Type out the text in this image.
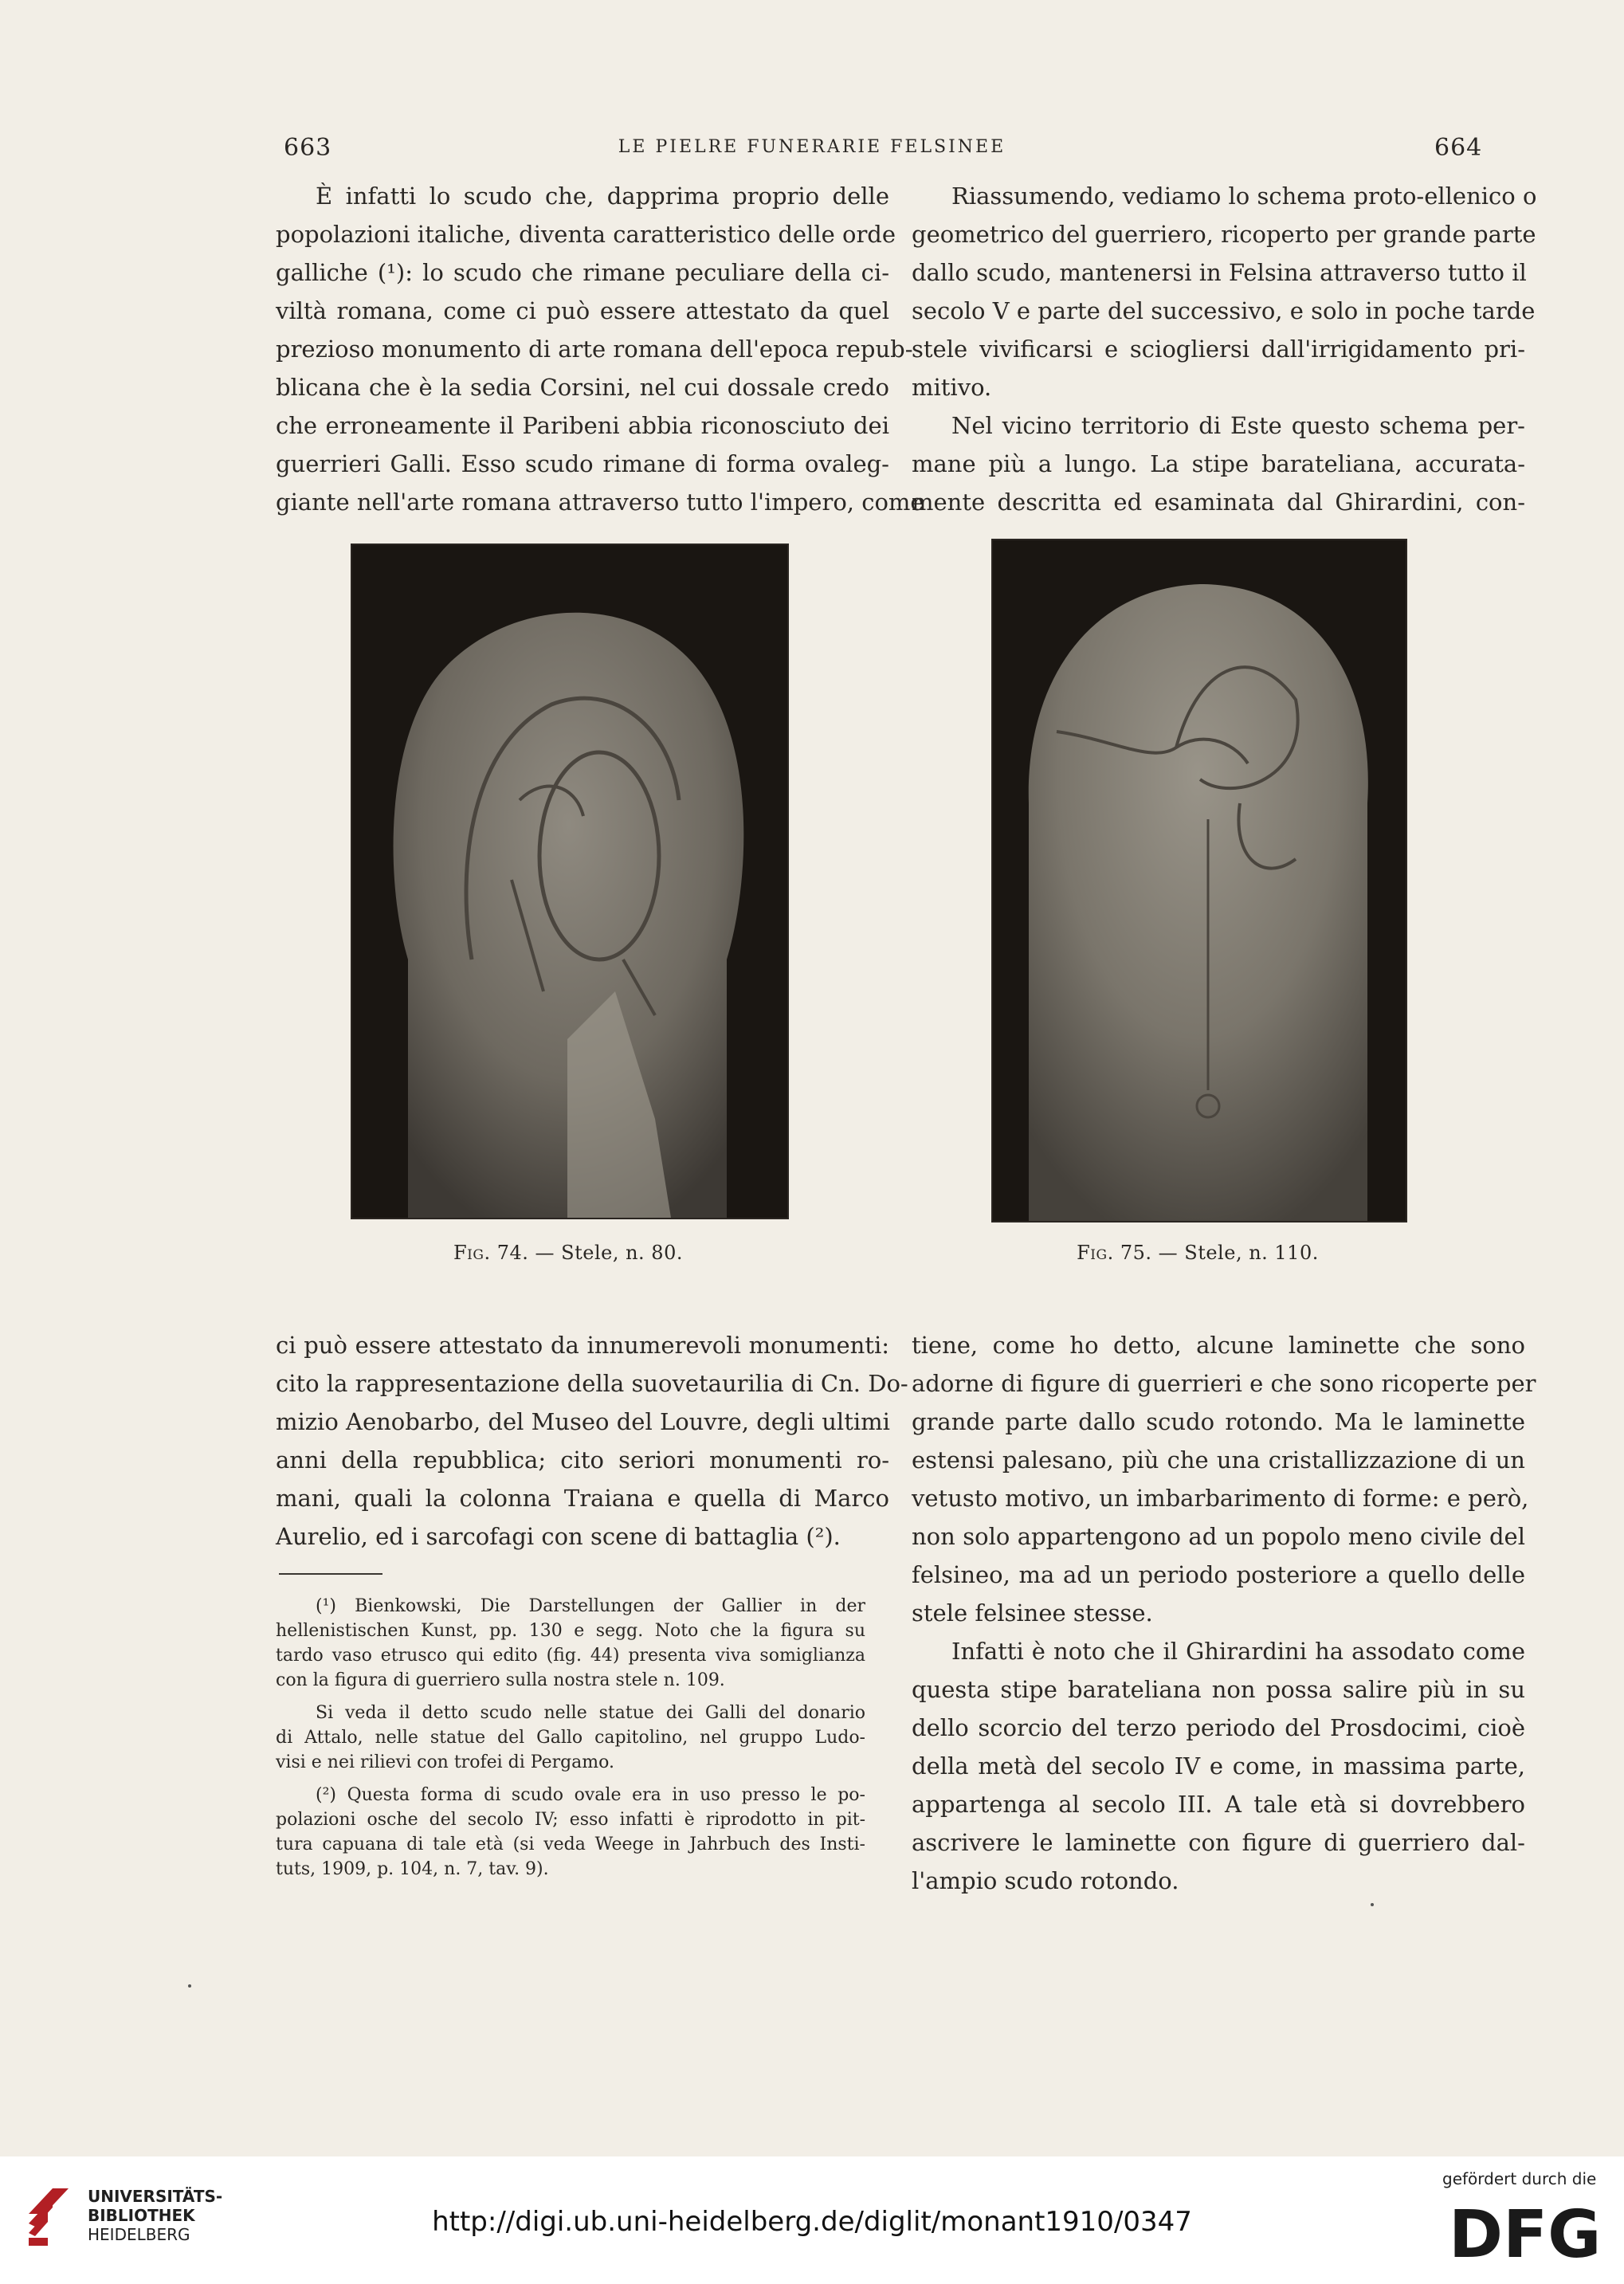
663	LE PIELRE FUNERARIE FELSINEE	664
È infatti lo scudo che, dapprima proprio delle
popolazioni italiche, diventa caratteristico delle orde
galliche (¹): lo scudo che rimane peculiare della ci-
viltà romana, come ci può essere attestato da quel
prezioso monumento di arte romana dell'epoca repub-
blicana che è la sedia Corsini, nel cui dossale credo
che erroneamente il Paribeni abbia riconosciuto dei
guerrieri Galli. Esso scudo rimane di forma ovaleg-
giante nell'arte romana attraverso tutto l'impero, come
Riassumendo, vediamo lo schema proto-ellenico o
geometrico del guerriero, ricoperto per grande parte
dallo scudo, mantenersi in Felsina attraverso tutto il
secolo V e parte del successivo, e solo in poche tarde
stele vivificarsi e sciogliersi dall'irrigidamento pri-
mitivo.
Nel vicino territorio di Este questo schema per-
mane più a lungo. La stipe barateliana, accurata-
mente descritta ed esaminata dal Ghirardini, con-
Fig. 74. — Stele, n. 80.	Fig. 75. — Stele, n. 110.
ci può essere attestato da innumerevoli monumenti:
cito la rappresentazione della suovetaurilia di Cn. Do-
mizio Aenobarbo, del Museo del Louvre, degli ultimi
anni della repubblica; cito seriori monumenti ro-
mani, quali la colonna Traiana e quella di Marco
Aurelio, ed i sarcofagi con scene di battaglia (²).
(¹) Bienkowski, Die Darstellungen der Gallier in der
hellenistischen Kunst, pp. 130 e segg. Noto che la figura su
tardo vaso etrusco qui edito (fig. 44) presenta viva somiglianza
con la figura di guerriero sulla nostra stele n. 109.
Si veda il detto scudo nelle statue dei Galli del donario
di Attalo, nelle statue del Gallo capitolino, nel gruppo Ludo-
visi e nei rilievi con trofei di Pergamo.
(²) Questa forma di scudo ovale era in uso presso le po-
polazioni osche del secolo IV; esso infatti è riprodotto in pit-
tura capuana di tale età (si veda Weege in Jahrbuch des Insti-
tuts, 1909, p. 104, n. 7, tav. 9).
tiene, come ho detto, alcune laminette che sono
adorne di figure di guerrieri e che sono ricoperte per
grande parte dallo scudo rotondo. Ma le laminette
estensi palesano, più che una cristallizzazione di un
vetusto motivo, un imbarbarimento di forme: e però,
non solo appartengono ad un popolo meno civile del
felsineo, ma ad un periodo posteriore a quello delle
stele felsinee stesse.
Infatti è noto che il Ghirardini ha assodato come
questa stipe barateliana non possa salire più in su
dello scorcio del terzo periodo del Prosdocimi, cioè
della metà del secolo IV e come, in massima parte,
appartenga al secolo III. A tale età si dovrebbero
ascrivere le laminette con figure di guerriero dal-
l'ampio scudo rotondo.
UNIVERSITÄTS-
BIBLIOTHEK
HEIDELBERG	http://digi.ub.uni-heidelberg.de/diglit/monant1910/0347
gefördert durch die
DFG
